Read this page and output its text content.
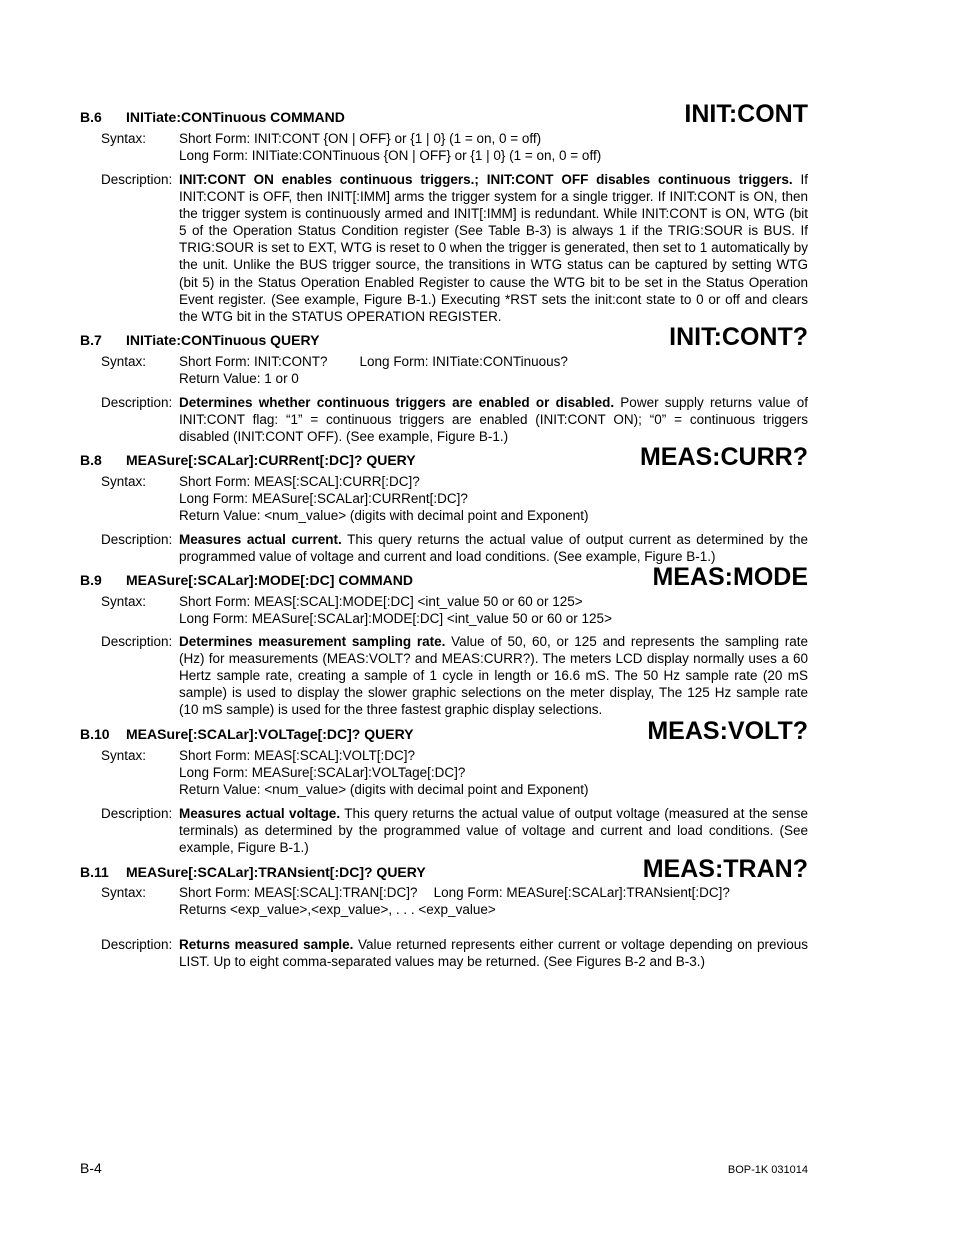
INIT:CONT
B.6 INITiate:CONTinuous COMMAND
Syntax: Short Form: INIT:CONT {ON | OFF} or {1 | 0} (1 = on, 0 = off)
Long Form: INITiate:CONTinuous {ON | OFF} or {1 | 0} (1 = on, 0 = off)
Description: INIT:CONT ON enables continuous triggers.; INIT:CONT OFF disables continuous triggers. If INIT:CONT is OFF, then INIT[:IMM] arms the trigger system for a single trigger. If INIT:CONT is ON, then the trigger system is continuously armed and INIT[:IMM] is redundant. While INIT:CONT is ON, WTG (bit 5 of the Operation Status Condition register (See Table B-3) is always 1 if the TRIG:SOUR is BUS. If TRIG:SOUR is set to EXT, WTG is reset to 0 when the trigger is generated, then set to 1 automatically by the unit. Unlike the BUS trigger source, the transitions in WTG status can be captured by setting WTG (bit 5) in the Status Operation Enabled Register to cause the WTG bit to be set in the Status Operation Event register. (See example, Figure B-1.) Executing *RST sets the init:cont state to 0 or off and clears the WTG bit in the STATUS OPERATION REGISTER.
INIT:CONT?
B.7 INITiate:CONTinuous QUERY
Syntax: Short Form: INIT:CONT? Long Form: INITiate:CONTinuous?
Return Value: 1 or 0
Description: Determines whether continuous triggers are enabled or disabled. Power supply returns value of INIT:CONT flag: “1” = continuous triggers are enabled (INIT:CONT ON); “0” = continuous triggers disabled (INIT:CONT OFF). (See example, Figure B-1.)
MEAS:CURR?
B.8 MEASure[:SCALar]:CURRent[:DC]? QUERY
Syntax: Short Form: MEAS[:SCAL]:CURR[:DC]?
Long Form: MEASure[:SCALar]:CURRent[:DC]?
Return Value: <num_value> (digits with decimal point and Exponent)
Description: Measures actual current. This query returns the actual value of output current as determined by the programmed value of voltage and current and load conditions. (See example, Figure B-1.)
MEAS:MODE
B.9 MEASure[:SCALar]:MODE[:DC] COMMAND
Syntax: Short Form: MEAS[:SCAL]:MODE[:DC] <int_value 50 or 60 or 125>
Long Form: MEASure[:SCALar]:MODE[:DC] <int_value 50 or 60 or 125>
Description: Determines measurement sampling rate. Value of 50, 60, or 125 and represents the sampling rate (Hz) for measurements (MEAS:VOLT? and MEAS:CURR?). The meters LCD display normally uses a 60 Hertz sample rate, creating a sample of 1 cycle in length or 16.6 mS. The 50 Hz sample rate (20 mS sample) is used to display the slower graphic selections on the meter display, The 125 Hz sample rate (10 mS sample) is used for the three fastest graphic display selections.
MEAS:VOLT?
B.10 MEASure[:SCALar]:VOLTage[:DC]? QUERY
Syntax: Short Form: MEAS[:SCAL]:VOLT[:DC]?
Long Form: MEASure[:SCALar]:VOLTage[:DC]?
Return Value: <num_value> (digits with decimal point and Exponent)
Description: Measures actual voltage. This query returns the actual value of output voltage (measured at the sense terminals) as determined by the programmed value of voltage and current and load conditions. (See example, Figure B-1.)
MEAS:TRAN?
B.11 MEASure[:SCALar]:TRANsient[:DC]? QUERY
Syntax: Short Form: MEAS[:SCAL]:TRAN[:DC]? Long Form: MEASure[:SCALar]:TRANsient[:DC]?
Returns <exp_value>,<exp_value>, . . . <exp_value>
Description: Returns measured sample. Value returned represents either current or voltage depending on previous LIST. Up to eight comma-separated values may be returned. (See Figures B-2 and B-3.)
B-4	BOP-1K 031014
